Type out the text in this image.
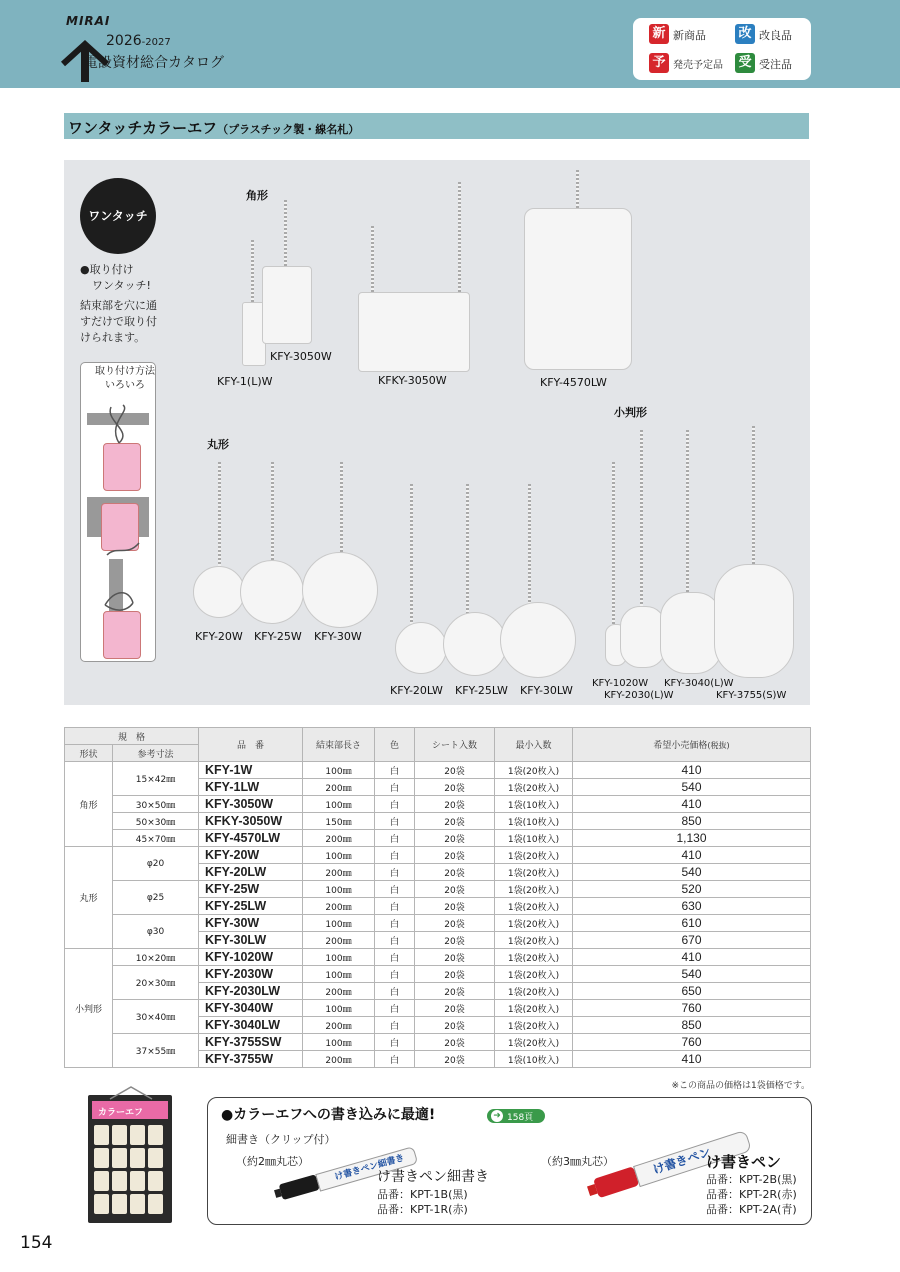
MIRAI
2026-2027
電設資材総合カタログ
新 新商品 改 改良品
予 発売予定品 受 受注品
ワンタッチカラーエフ（プラスチック製・線名札）
ワンタッチ
●取り付け
ワンタッチ!
結束部を穴に通
すだけで取り付
けられます。
取り付け方法
いろいろ
角形
丸形
小判形
KFY-3050W
KFY-1(L)W	KFKY-3050W	KFY-4570LW
KFY-20W KFY-25W KFY-30W
KFY-20LW KFY-25LW KFY-30LW
KFY-1020W KFY-3040(L)W
KFY-2030(L)W	KFY-3755(S)W
規　格		品　番	結束部長さ	色	シート入数	最小入数	希望小売価格(税抜)
形状	参考寸法						
角形	15×42㎜	KFY-1W	100㎜	白	20袋	1袋(20枚入)	410
		KFY-1LW	200㎜	白	20袋	1袋(20枚入)	540
	30×50㎜	KFY-3050W	100㎜	白	20袋	1袋(10枚入)	410
	50×30㎜	KFKY-3050W	150㎜	白	20袋	1袋(10枚入)	850
	45×70㎜	KFY-4570LW	200㎜	白	20袋	1袋(10枚入)	1,130
丸形	φ20	KFY-20W	100㎜	白	20袋	1袋(20枚入)	410
		KFY-20LW	200㎜	白	20袋	1袋(20枚入)	540
	φ25	KFY-25W	100㎜	白	20袋	1袋(20枚入)	520
		KFY-25LW	200㎜	白	20袋	1袋(20枚入)	630
	φ30	KFY-30W	100㎜	白	20袋	1袋(20枚入)	610
		KFY-30LW	200㎜	白	20袋	1袋(20枚入)	670
小判形	10×20㎜	KFY-1020W	100㎜	白	20袋	1袋(20枚入)	410
	20×30㎜	KFY-2030W	100㎜	白	20袋	1袋(20枚入)	540
		KFY-2030LW	200㎜	白	20袋	1袋(20枚入)	650
	30×40㎜	KFY-3040W	100㎜	白	20袋	1袋(20枚入)	760
		KFY-3040LW	200㎜	白	20袋	1袋(20枚入)	850
	37×55㎜	KFY-3755SW	100㎜	白	20袋	1袋(20枚入)	760
		KFY-3755W	200㎜	白	20袋	1袋(10枚入)	410
※この商品の価格は1袋価格です。
カラーエフ	●カラーエフへの書き込みに最適!	➜ 158頁
細書き（クリップ付）
（約2㎜丸芯）	け書きペン細書き
け書きペン細書き
品番：KPT-1B(黒)
品番：KPT-1R(赤)
（約3㎜丸芯）	け書きペン
け書きペン
品番：KPT-2B(黒)
品番：KPT-2R(赤)
品番：KPT-2A(青)
154
